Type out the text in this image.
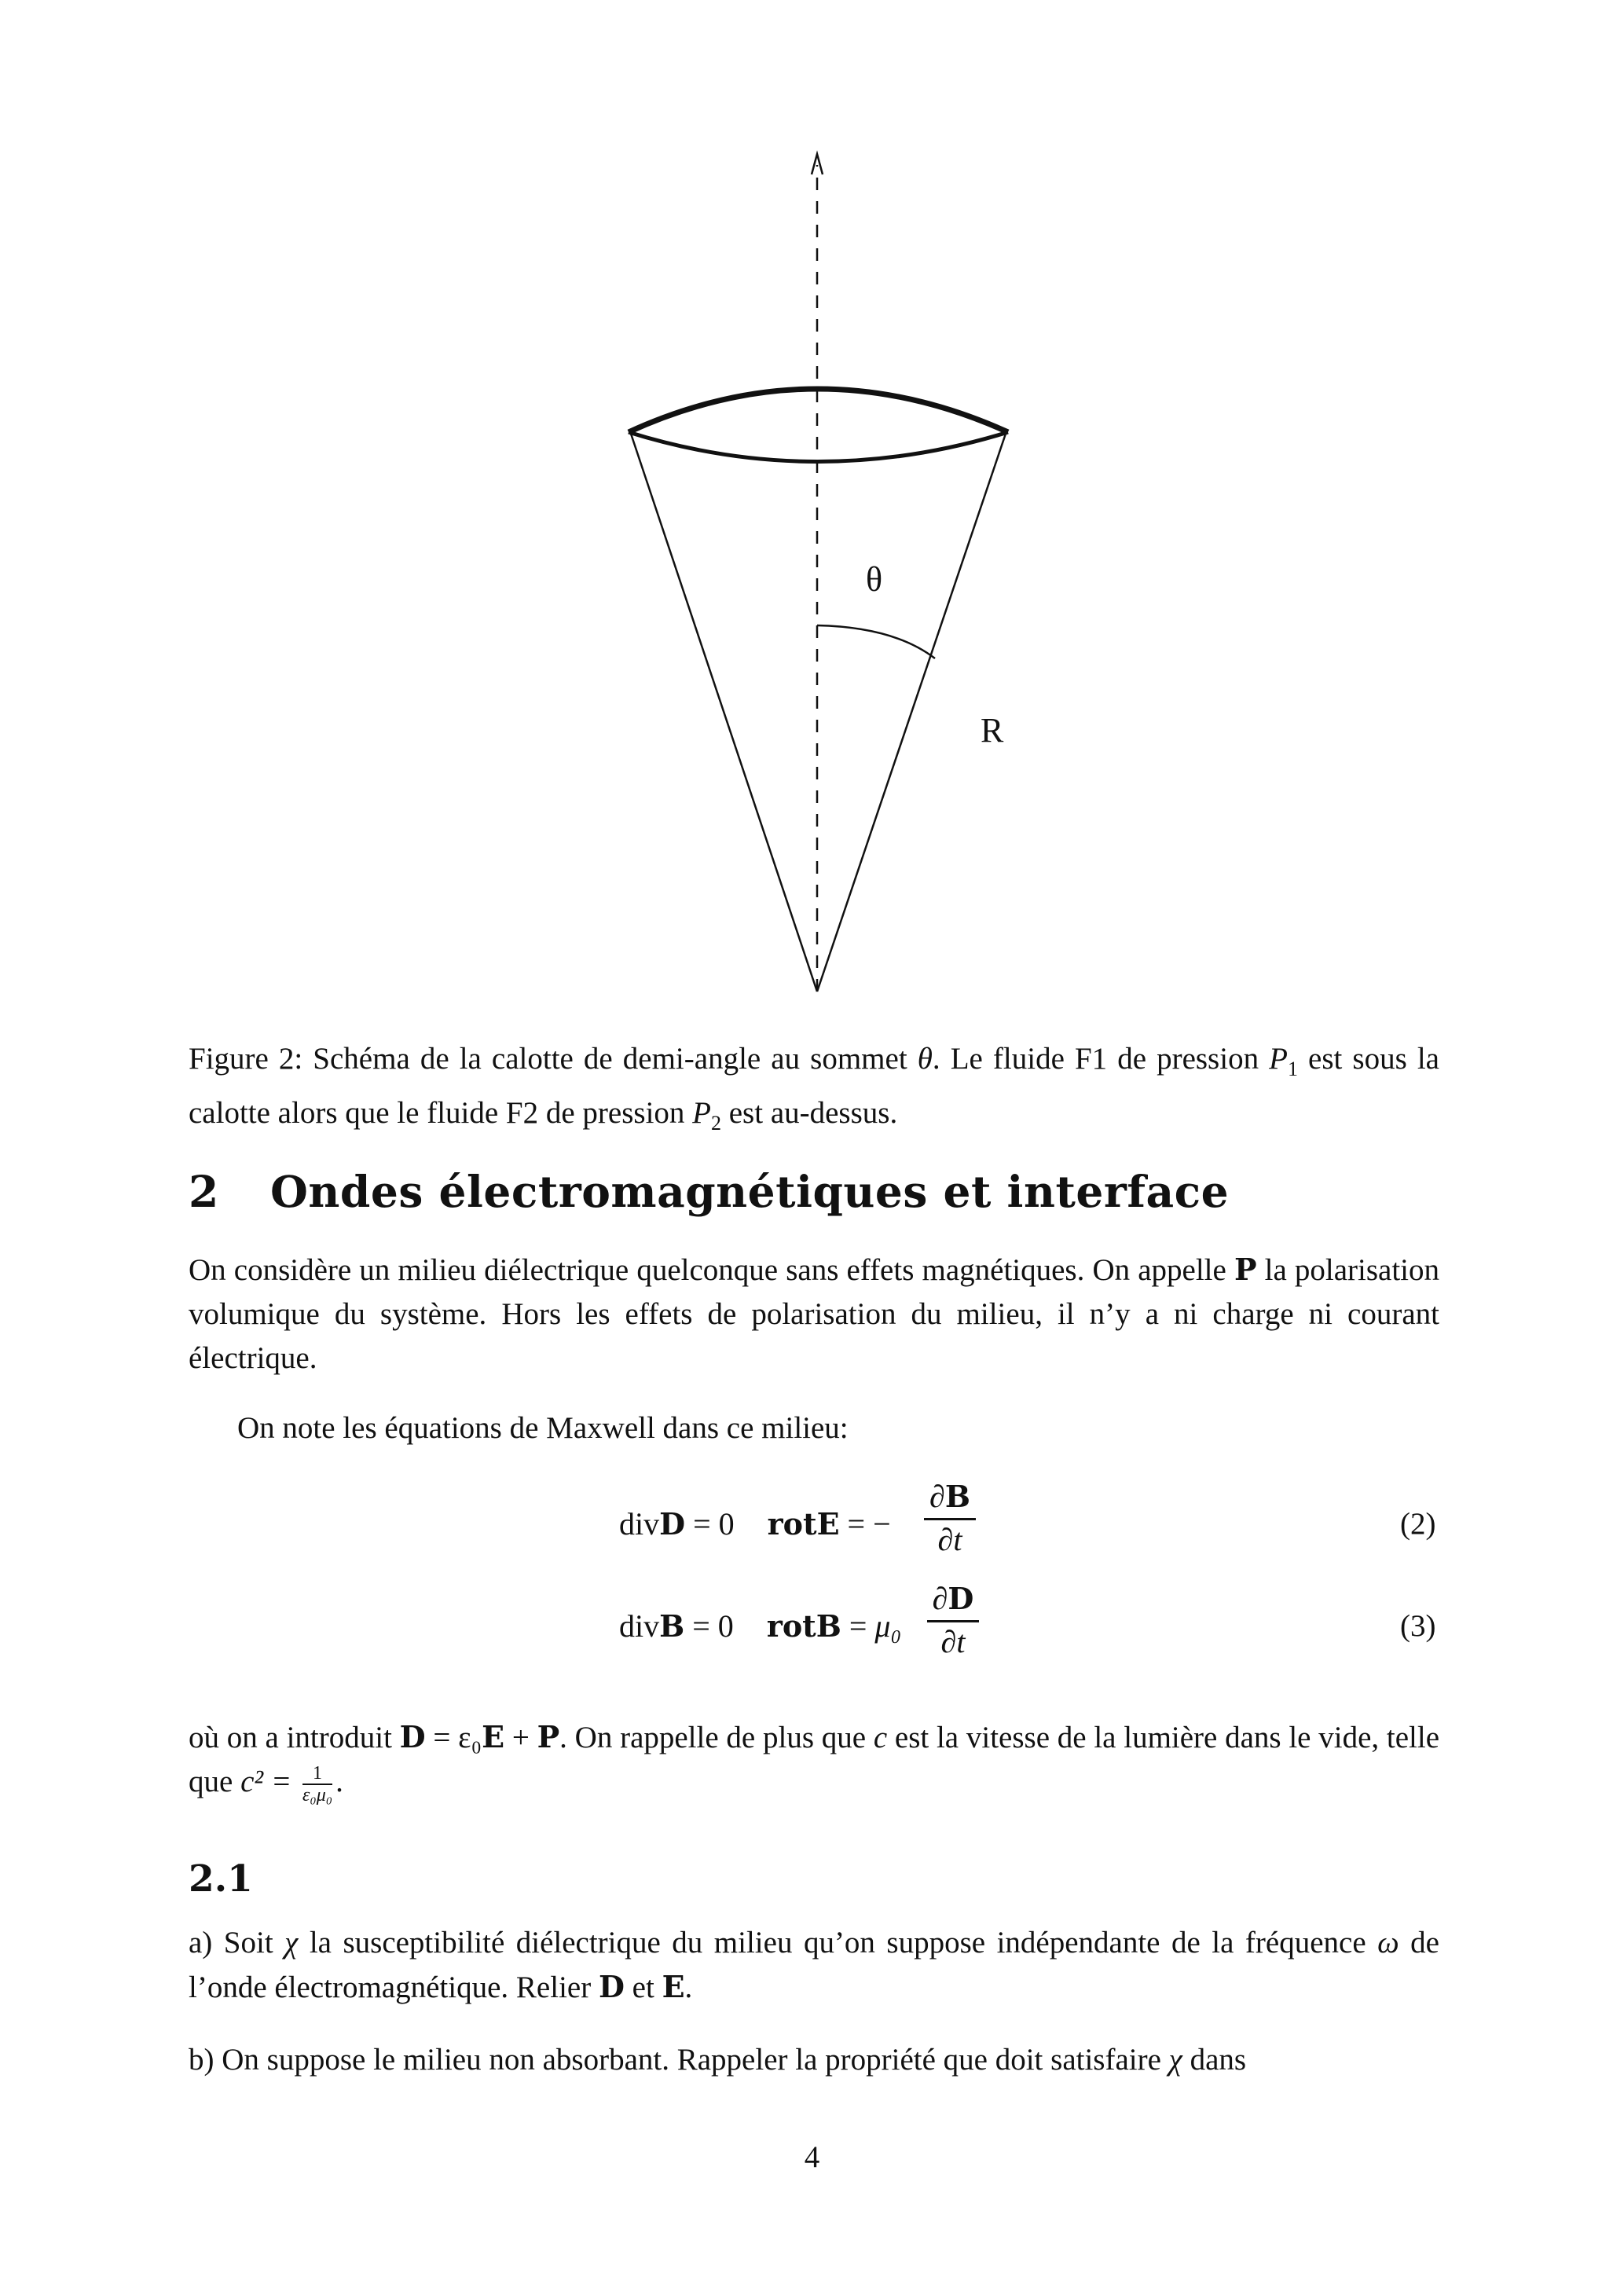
θ
R
Figure 2: Schéma de la calotte de demi-angle au sommet θ. Le fluide F1 de pression $P_1$ est sous la calotte alors que le fluide F2 de pression $P_2$ est au-dessus.
2 Ondes électromagnétiques et interface
On considère un milieu diélectrique quelconque sans effets magnétiques. On appelle P la polarisation volumique du système. Hors les effets de polarisation du milieu, il n’y a ni charge ni courant électrique.
On note les équations de Maxwell dans ce milieu:
divD = 0 rotE = −
∂B
∂t	(2)
divB = 0 rotB = μ₀
∂D
∂t	(3)
où on a introduit D = ε₀E + P. On rappelle de plus que c est la vitesse de la lumière dans le vide, telle que $c^2 = \frac{1}{\text{ε₀μ₀}}$ .
2.1
a) Soit χ la susceptibilité diélectrique du milieu qu’on suppose indépendante de la fréquence ω de l’onde électromagnétique. Relier D et E.
b) On suppose le milieu non absorbant. Rappeler la propriété que doit satisfaire χ dans
4
